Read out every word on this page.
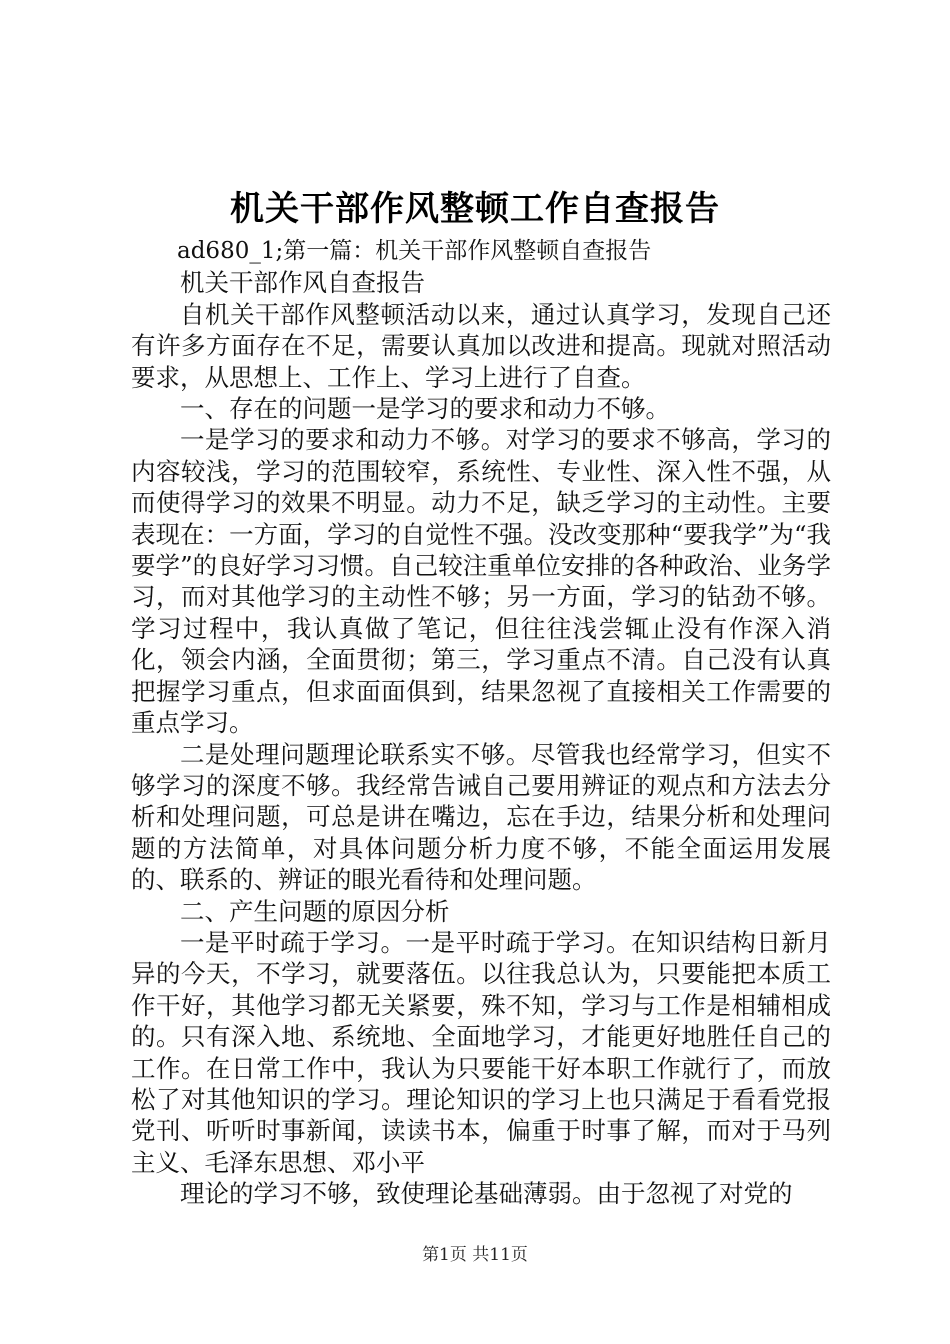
机关干部作风整顿工作自查报告

ad680_1;第一篇：机关干部作风整顿自查报告

机关干部作风自查报告

自机关干部作风整顿活动以来，通过认真学习，发现自己还有许多方面存在不足，需要认真加以改进和提高。现就对照活动要求，从思想上、工作上、学习上进行了自查。

一、存在的问题一是学习的要求和动力不够。

一是学习的要求和动力不够。对学习的要求不够高，学习的内容较浅，学习的范围较窄，系统性、专业性、深入性不强，从而使得学习的效果不明显。动力不足，缺乏学习的主动性。主要表现在：一方面，学习的自觉性不强。没改变那种“要我学”为“我要学”的良好学习习惯。自己较注重单位安排的各种政治、业务学习，而对其他学习的主动性不够；另一方面，学习的钻劲不够。学习过程中，我认真做了笔记，但往往浅尝辄止没有作深入消化，领会内涵，全面贯彻；第三，学习重点不清。自己没有认真把握学习重点，但求面面俱到，结果忽视了直接相关工作需要的重点学习。

二是处理问题理论联系实不够。尽管我也经常学习，但实不够学习的深度不够。我经常告诫自己要用辨证的观点和方法去分析和处理问题，可总是讲在嘴边，忘在手边，结果分析和处理问题的方法简单，对具体问题分析力度不够，不能全面运用发展的、联系的、辨证的眼光看待和处理问题。

二、产生问题的原因分析

一是平时疏于学习。一是平时疏于学习。在知识结构日新月异的今天，不学习，就要落伍。以往我总认为，只要能把本质工作干好，其他学习都无关紧要，殊不知，学习与工作是相辅相成的。只有深入地、系统地、全面地学习，才能更好地胜任自己的工作。在日常工作中，我认为只要能干好本职工作就行了，而放松了对其他知识的学习。理论知识的学习上也只满足于看看党报党刊、听听时事新闻，读读书本，偏重于时事了解，而对于马列主义、毛泽东思想、邓小平

理论的学习不够，致使理论基础薄弱。由于忽视了对党的

第1页 共11页
